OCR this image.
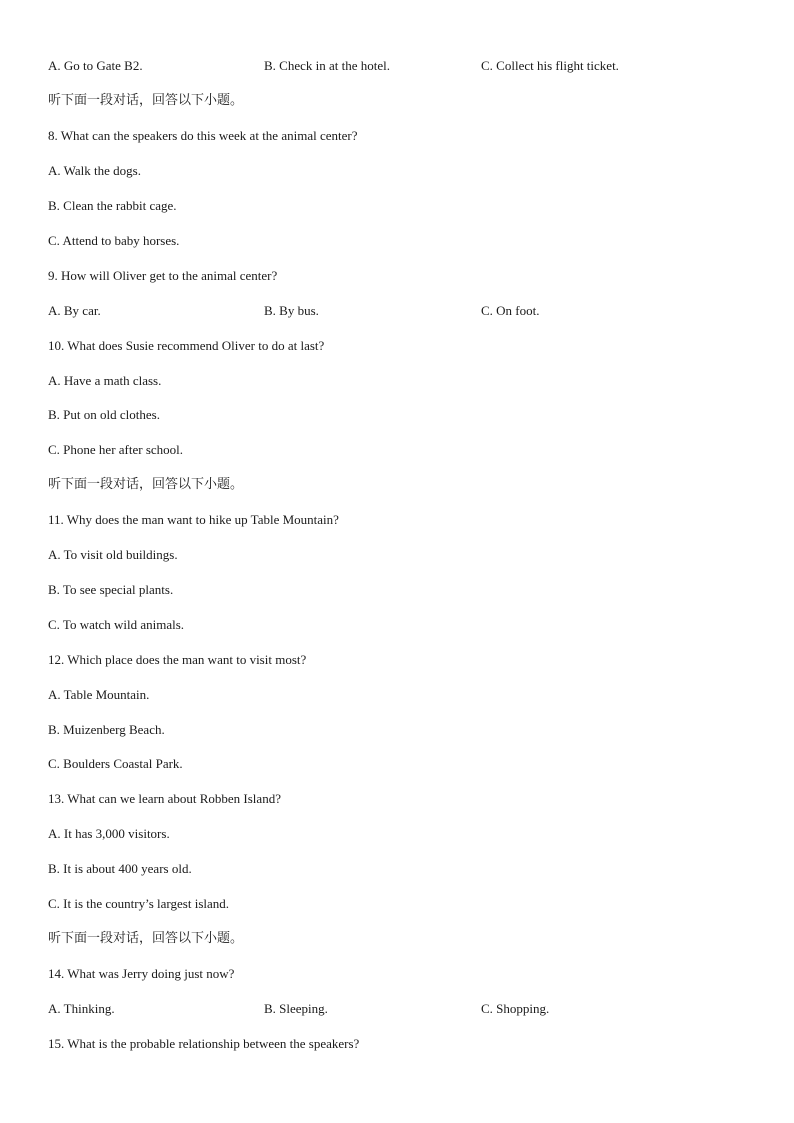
A. Go to Gate B2.	B. Check in at the hotel.	C. Collect his flight ticket.
听下面一段对话，回答以下小题。
8. What can the speakers do this week at the animal center?
A. Walk the dogs.
B. Clean the rabbit cage.
C. Attend to baby horses.
9. How will Oliver get to the animal center?
A. By car.	B. By bus.	C. On foot.
10. What does Susie recommend Oliver to do at last?
A. Have a math class.
B. Put on old clothes.
C. Phone her after school.
听下面一段对话，回答以下小题。
11. Why does the man want to hike up Table Mountain?
A. To visit old buildings.
B. To see special plants.
C. To watch wild animals.
12. Which place does the man want to visit most?
A. Table Mountain.
B. Muizenberg Beach.
C. Boulders Coastal Park.
13. What can we learn about Robben Island?
A. It has 3,000 visitors.
B. It is about 400 years old.
C. It is the country’s largest island.
听下面一段对话，回答以下小题。
14. What was Jerry doing just now?
A. Thinking.	B. Sleeping.	C. Shopping.
15. What is the probable relationship between the speakers?
